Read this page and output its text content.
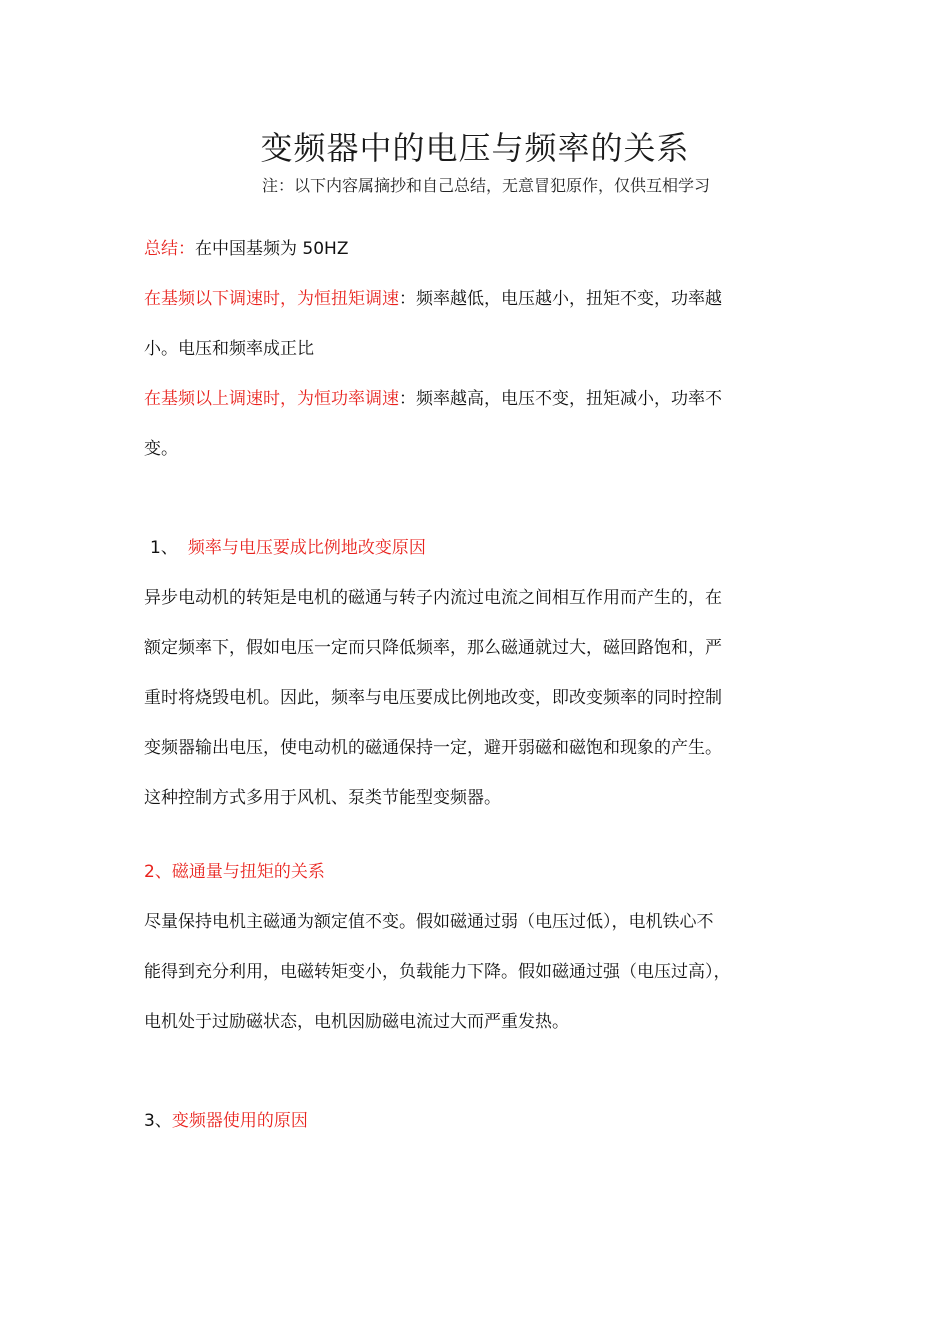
变频器中的电压与频率的关系
注：以下内容属摘抄和自己总结，无意冒犯原作，仅供互相学习
总结：在中国基频为 50HZ
在基频以下调速时，为恒扭矩调速：频率越低，电压越小，扭矩不变，功率越
小。电压和频率成正比
在基频以上调速时，为恒功率调速：频率越高，电压不变，扭矩减小，功率不
变。
1、 频率与电压要成比例地改变原因
异步电动机的转矩是电机的磁通与转子内流过电流之间相互作用而产生的，在
额定频率下，假如电压一定而只降低频率，那么磁通就过大，磁回路饱和，严
重时将烧毁电机。因此，频率与电压要成比例地改变，即改变频率的同时控制
变频器输出电压，使电动机的磁通保持一定，避开弱磁和磁饱和现象的产生。
这种控制方式多用于风机、泵类节能型变频器。
2、磁通量与扭矩的关系
尽量保持电机主磁通为额定值不变。假如磁通过弱（电压过低），电机铁心不
能得到充分利用，电磁转矩变小，负载能力下降。假如磁通过强（电压过高），
电机处于过励磁状态，电机因励磁电流过大而严重发热。
3、变频器使用的原因
